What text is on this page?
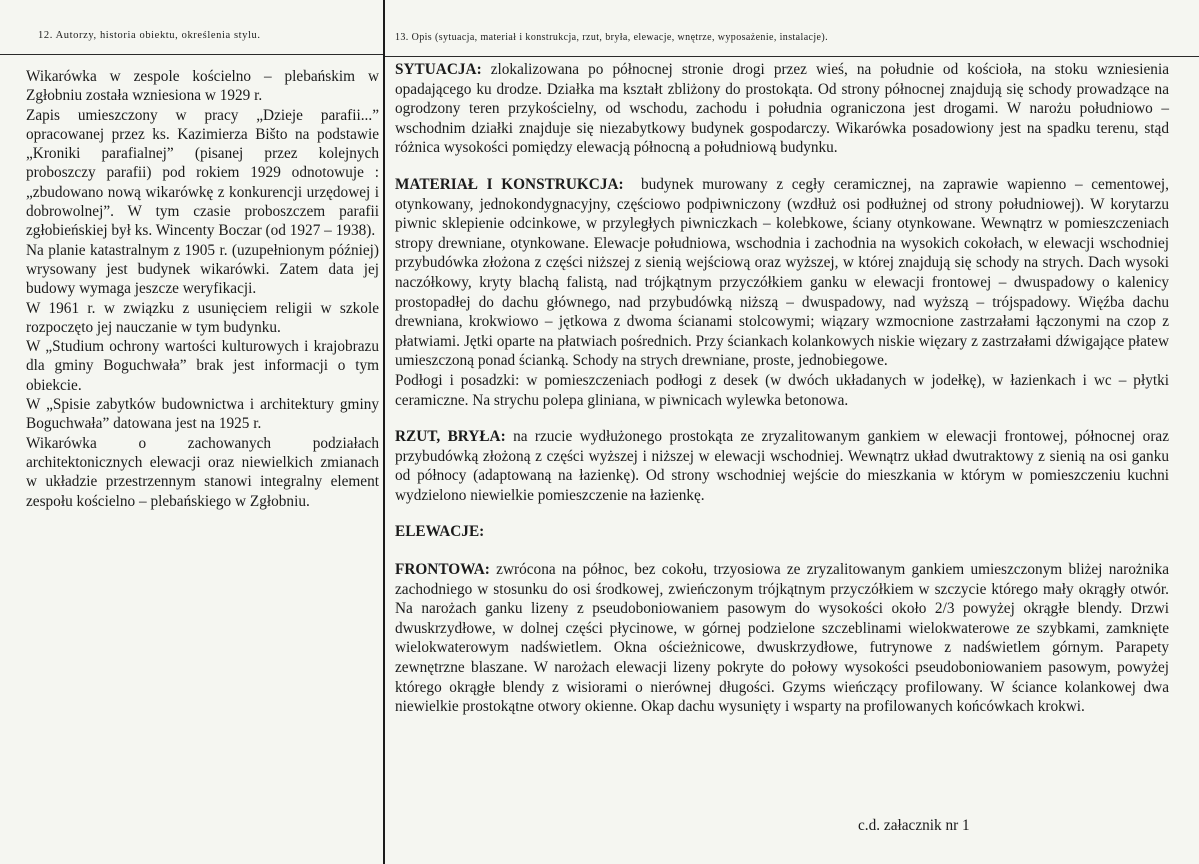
12. Autorzy, historia obiektu, określenia stylu.

Wikarówka w zespole kościelno – plebańskim w Zgłobniu została wzniesiona w 1929 r.

Zapis umieszczony w pracy „Dzieje parafii...” opracowanej przez ks. Kazimierza Bišto na podstawie „Kroniki parafialnej” (pisanej przez kolejnych proboszczy parafii) pod rokiem 1929 odnotowuje : „zbudowano nową wikarówkę z konkurencji urzędowej i dobrowolnej”. W tym czasie proboszczem parafii zgłobieńskiej był ks. Wincenty Boczar (od 1927 – 1938).

Na planie katastralnym z 1905 r. (uzupełnionym później) wrysowany jest budynek wikarówki. Zatem data jej budowy wymaga jeszcze weryfikacji.

W 1961 r. w związku z usunięciem religii w szkole rozpoczęto jej nauczanie w tym budynku.

W „Studium ochrony wartości kulturowych i krajobrazu dla gminy Boguchwała” brak jest informacji o tym obiekcie.

W „Spisie zabytków budownictwa i architektury gminy Boguchwała” datowana jest na 1925 r.

Wikarówka o zachowanych podziałach architektonicznych elewacji oraz niewielkich zmianach w układzie przestrzennym stanowi integralny element zespołu kościelno – plebańskiego w Zgłobniu.

13. Opis (sytuacja, materiał i konstrukcja, rzut, bryła, elewacje, wnętrze, wyposażenie, instalacje).

SYTUACJA: zlokalizowana po północnej stronie drogi przez wieś, na południe od kościoła, na stoku wzniesienia opadającego ku drodze. Działka ma kształt zbliżony do prostokąta. Od strony północnej znajdują się schody prowadzące na ogrodzony teren przykościelny, od wschodu, zachodu i południa ograniczona jest drogami. W narożu południowo – wschodnim działki znajduje się niezabytkowy budynek gospodarczy. Wikarówka posadowiony jest na spadku terenu, stąd różnica wysokości pomiędzy elewacją północną a południową budynku.

MATERIAŁ I KONSTRUKCJA: budynek murowany z cegły ceramicznej, na zaprawie wapienno – cementowej, otynkowany, jednokondygnacyjny, częściowo podpiwniczony (wzdłuż osi podłużnej od strony południowej). W korytarzu piwnic sklepienie odcinkowe, w przyległych piwniczkach – kolebkowe, ściany otynkowane. Wewnątrz w pomieszczeniach stropy drewniane, otynkowane. Elewacje południowa, wschodnia i zachodnia na wysokich cokołach, w elewacji wschodniej przybudówka złożona z części niższej z sienią wejściową oraz wyższej, w której znajdują się schody na strych. Dach wysoki naczółkowy, kryty blachą falistą, nad trójkątnym przyczółkiem ganku w elewacji frontowej – dwuspadowy o kalenicy prostopadłej do dachu głównego, nad przybudówką niższą – dwuspadowy, nad wyższą – trójspadowy. Więźba dachu drewniana, krokwiowo – jętkowa z dwoma ścianami stolcowymi; wiązary wzmocnione zastrzałami łączonymi na czop z płatwiami. Jętki oparte na płatwiach pośrednich. Przy ściankach kolankowych niskie więzary z zastrzałami dźwigające płatew umieszczoną ponad ścianką. Schody na strych drewniane, proste, jednobiegowe.

Podłogi i posadzki: w pomieszczeniach podłogi z desek (w dwóch układanych w jodełkę), w łazienkach i wc – płytki ceramiczne. Na strychu polepa gliniana, w piwnicach wylewka betonowa.

RZUT, BRYŁA: na rzucie wydłużonego prostokąta ze zryzalitowanym gankiem w elewacji frontowej, północnej oraz przybudówką złożoną z części wyższej i niższej w elewacji wschodniej. Wewnątrz układ dwutraktowy z sienią na osi ganku od północy (adaptowaną na łazienkę). Od strony wschodniej wejście do mieszkania w którym w pomieszczeniu kuchni wydzielono niewielkie pomieszczenie na łazienkę.

ELEWACJE:

FRONTOWA: zwrócona na północ, bez cokołu, trzyosiowa ze zryzalitowanym gankiem umieszczonym bliżej narożnika zachodniego w stosunku do osi środkowej, zwieńczonym trójkątnym przyczółkiem w szczycie którego mały okrągły otwór. Na narożach ganku lizeny z pseudoboniowaniem pasowym do wysokości około 2/3 powyżej okrągłe blendy. Drzwi dwuskrzydłowe, w dolnej części płycinowe, w górnej podzielone szczeblinami wielokwaterowe ze szybkami, zamknięte wielokwaterowym nadświetlem. Okna ościeżnicowe, dwuskrzydłowe, futrynowe z nadświetlem górnym. Parapety zewnętrzne blaszane. W narożach elewacji lizeny pokryte do połowy wysokości pseudoboniowaniem pasowym, powyżej którego okrągłe blendy z wisiorami o nierównej długości. Gzyms wieńczący profilowany. W ściance kolankowej dwa niewielkie prostokątne otwory okienne. Okap dachu wysunięty i wsparty na profilowanych końcówkach krokwi.

c.d. załacznik nr 1
